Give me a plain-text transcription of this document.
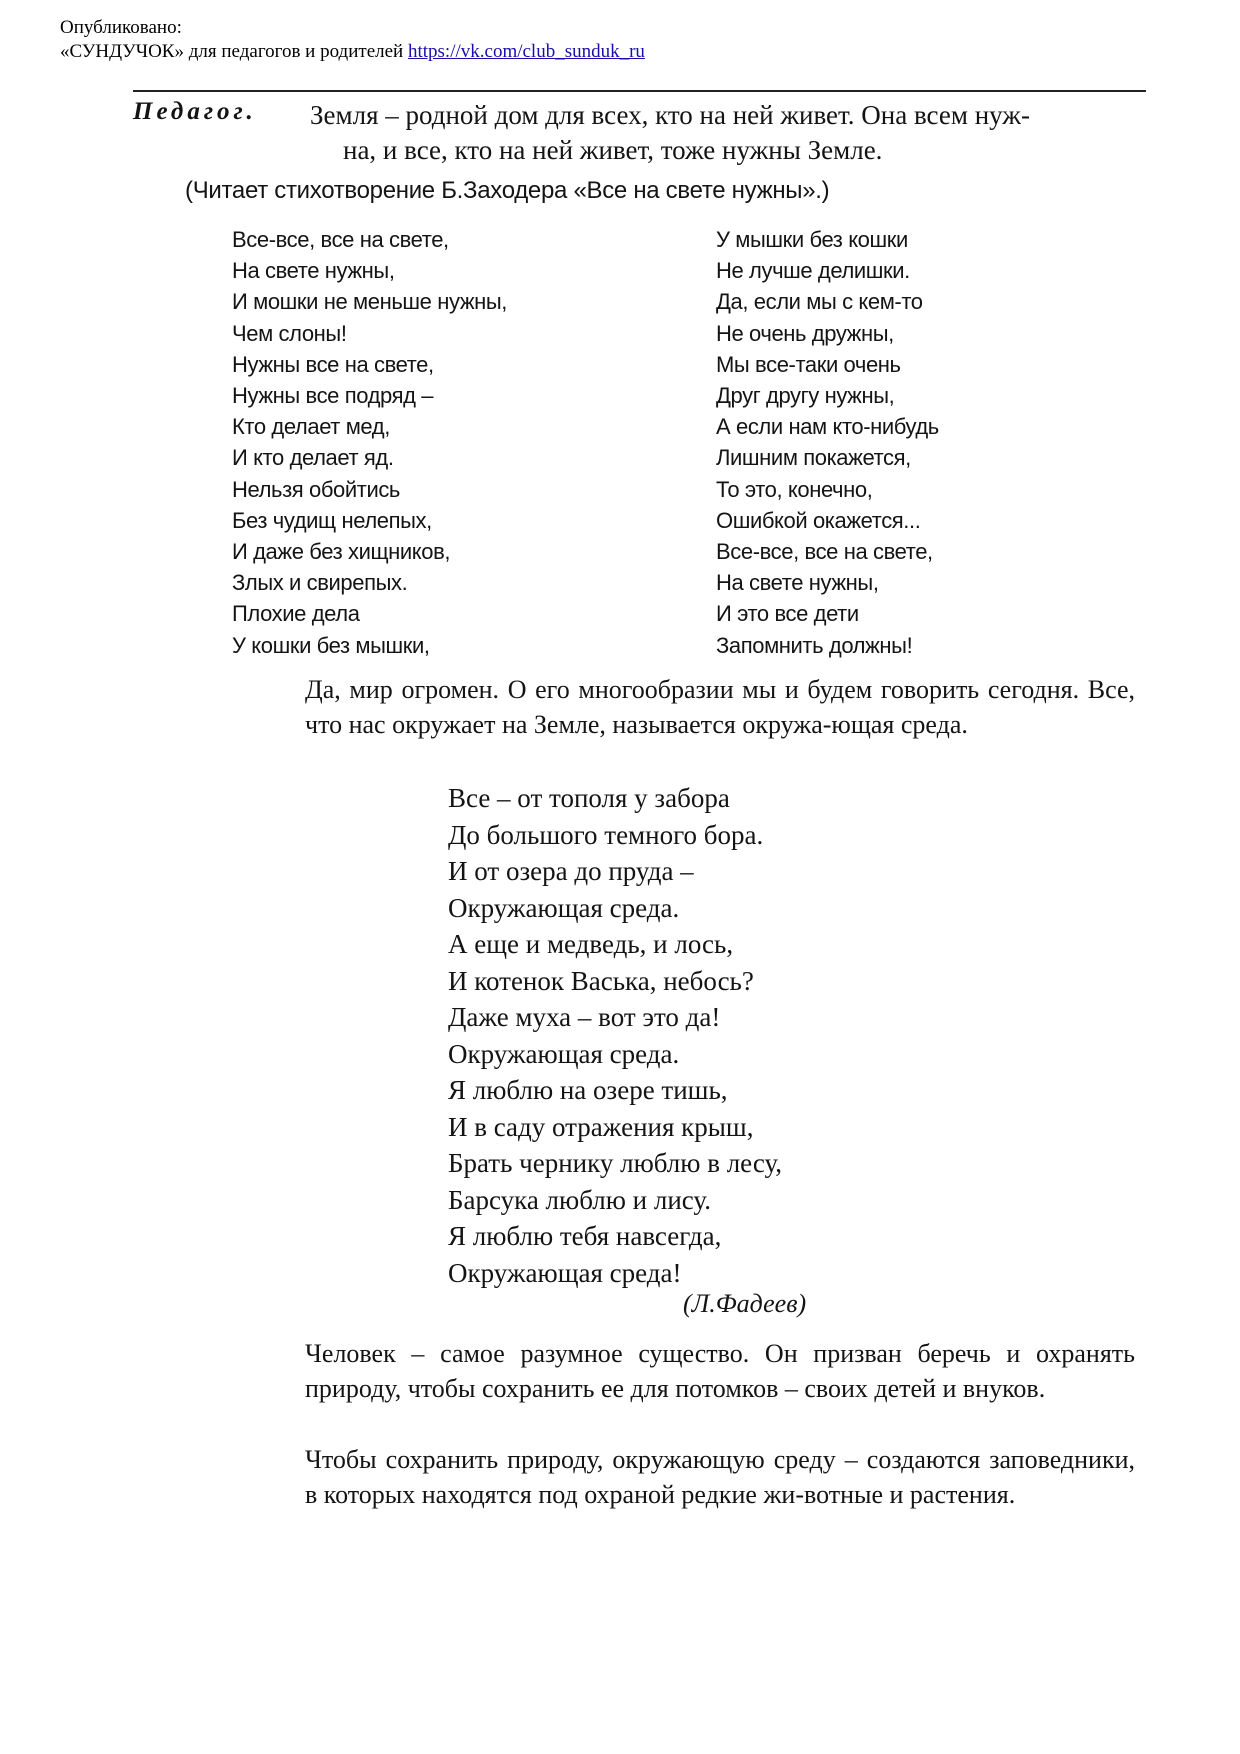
Опубликовано:
«СУНДУЧОК» для педагогов и родителей https://vk.com/club_sunduk_ru
Педагог. Земля – родной дом для всех, кто на ней живет. Она всем нуж-
на, и все, кто на ней живет, тоже нужны Земле.
(Читает стихотворение Б.Заходера «Все на свете нужны».)
Все-все, все на свете,
На свете нужны,
И мошки не меньше нужны,
Чем слоны!
Нужны все на свете,
Нужны все подряд –
Кто делает мед,
И кто делает яд.
Нельзя обойтись
Без чудищ нелепых,
И даже без хищников,
Злых и свирепых.
Плохие дела
У кошки без мышки,
У мышки без кошки
Не лучше делишки.
Да, если мы с кем-то
Не очень дружны,
Мы все-таки очень
Друг другу нужны,
А если нам кто-нибудь
Лишним покажется,
То это, конечно,
Ошибкой окажется...
Все-все, все на свете,
На свете нужны,
И это все дети
Запомнить должны!

Да, мир огромен. О его многообразии мы и будем говорить сегодня. Все, что нас окружает на Земле, называется окружа-ющая среда.

Все – от тополя у забора
До большого темного бора.
И от озера до пруда –
Окружающая среда.
А еще и медведь, и лось,
И котенок Васька, небось?
Даже муха – вот это да!
Окружающая среда.
Я люблю на озере тишь,
И в саду отражения крыш,
Брать чернику люблю в лесу,
Барсука люблю и лису.
Я люблю тебя навсегда,
Окружающая среда!
(Л.Фадеев)

Человек – самое разумное существо. Он призван беречь и охранять природу, чтобы сохранить ее для потомков – своих детей и внуков.

Чтобы сохранить природу, окружающую среду – создаются заповедники, в которых находятся под охраной редкие жи-вотные и растения.
